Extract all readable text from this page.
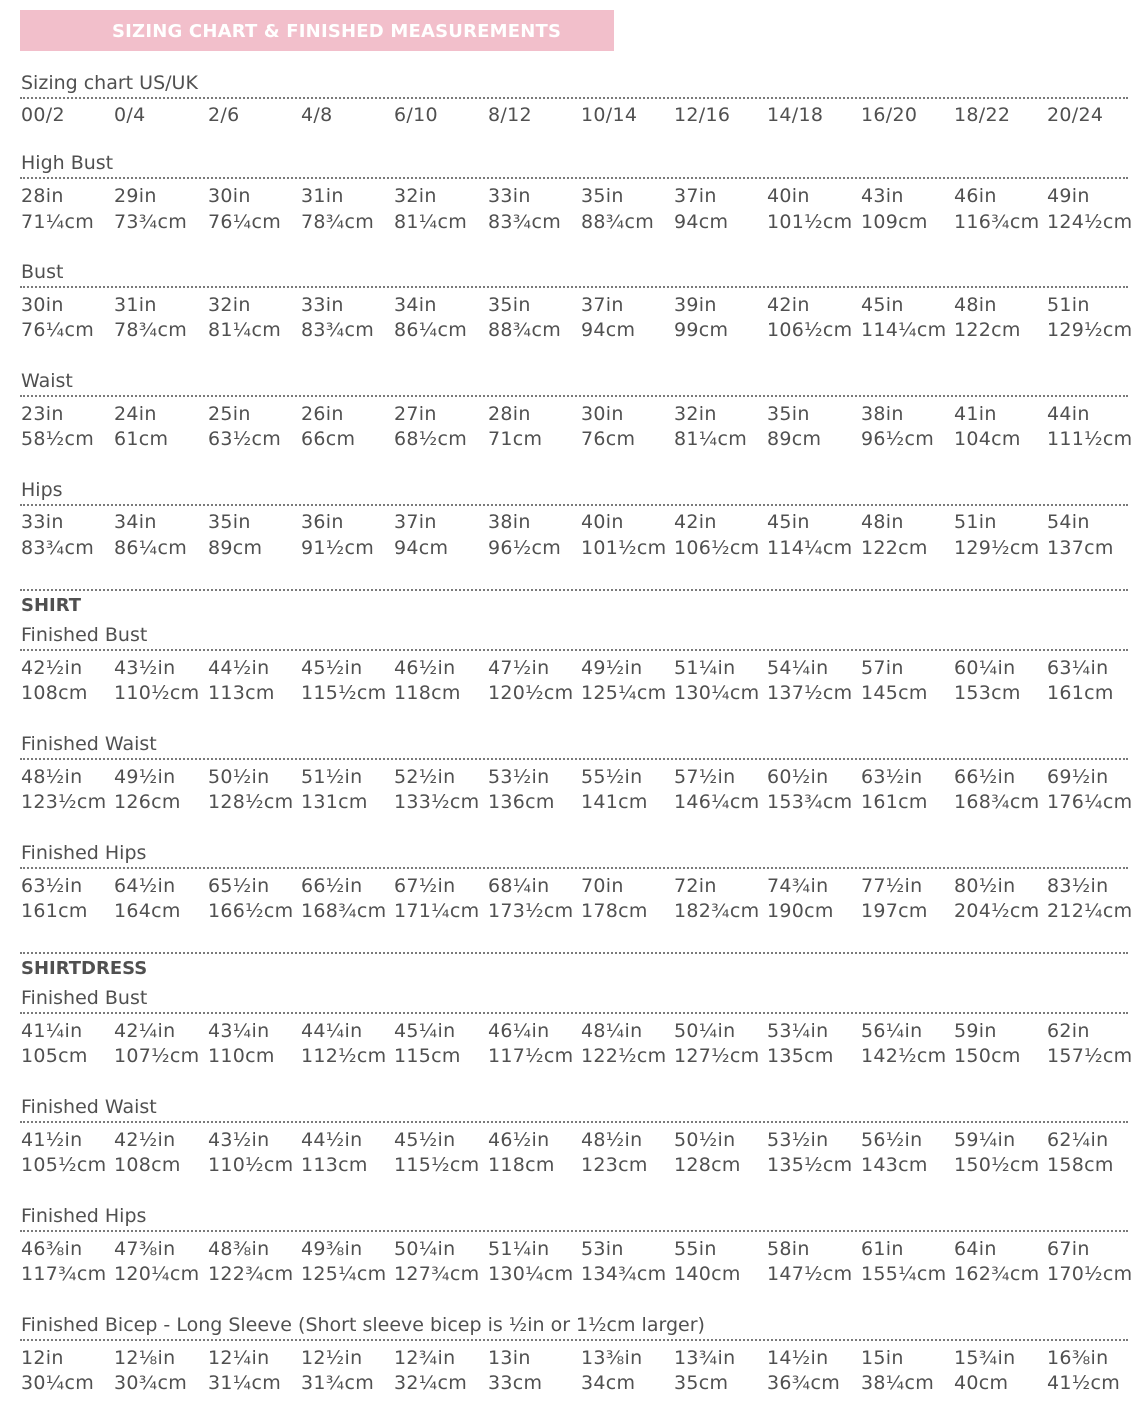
SIZING CHART & FINISHED MEASUREMENTS
Sizing chart US/UK
00/2	0/4	2/6	4/8	6/10	8/12	10/14 12/16 14/18 16/20 18/22 20/24
High Bust
28in	29in	30in	31in	32in	33in	35in	37in	40in	43in	46in	49in
71¼cm 73¾cm 76¼cm 78¾cm 81¼cm 83¾cm 88¾cm 94cm 101½cm 109cm 116¾cm 124½cm
Bust
30in	31in	32in	33in	34in	35in	37in	39in	42in	45in	48in	51in
76¼cm 78¾cm 81¼cm 83¾cm 86¼cm 88¾cm 94cm 99cm 106½cm 114¼cm 122cm 129½cm
Waist
23in	24in	25in	26in	27in	28in	30in	32in	35in	38in	41in	44in
58½cm 61cm 63½cm 66cm 68½cm 71cm 76cm 81¼cm 89cm 96½cm 104cm 111½cm
Hips
33in	34in	35in	36in	37in	38in	40in	42in	45in	48in	51in	54in
83¾cm 86¼cm 89cm 91½cm 94cm 96½cm 101½cm 106½cm 114¼cm 122cm 129½cm 137cm
SHIRT
Finished Bust
42½in 43½in 44½in 45½in 46½in 47½in 49½in 51¼in 54¼in 57in	60¼in 63¼in
108cm 110½cm 113cm 115½cm 118cm 120½cm 125¼cm 130¼cm 137½cm 145cm 153cm 161cm
Finished Waist
48½in 49½in 50½in 51½in 52½in 53½in 55½in 57½in 60½in 63½in 66½in 69½in
123½cm 126cm 128½cm 131cm 133½cm 136cm 141cm 146¼cm 153¾cm 161cm 168¾cm 176¼cm
Finished Hips
63½in 64½in 65½in 66½in 67½in 68¼in 70in	72in	74¾in 77½in 80½in 83½in
161cm 164cm 166½cm 168¾cm 171¼cm 173½cm 178cm 182¾cm 190cm 197cm 204½cm 212¼cm
SHIRTDRESS
Finished Bust
41¼in 42¼in 43¼in 44¼in 45¼in 46¼in 48¼in 50¼in 53¼in 56¼in 59in	62in
105cm 107½cm 110cm 112½cm 115cm 117½cm 122½cm 127½cm 135cm 142½cm 150cm 157½cm
Finished Waist
41½in 42½in 43½in 44½in 45½in 46½in 48½in 50½in 53½in 56½in 59¼in 62¼in
105½cm 108cm 110½cm 113cm 115½cm 118cm 123cm 128cm 135½cm 143cm 150½cm 158cm
Finished Hips
46⅜in 47⅜in 48⅜in 49⅜in 50¼in 51¼in 53in	55in	58in	61in	64in	67in
117¾cm 120¼cm 122¾cm 125¼cm 127¾cm 130¼cm 134¾cm 140cm 147½cm 155¼cm 162¾cm 170½cm
Finished Bicep - Long Sleeve (Short sleeve bicep is ½in or 1½cm larger)
12in	12⅛in 12¼in 12½in 12¾in 13in	13⅜in 13¾in 14½in 15in	15¾in 16⅜in
30¼cm 30¾cm 31¼cm 31¾cm 32¼cm 33cm 34cm 35cm 36¾cm 38¼cm 40cm 41½cm
